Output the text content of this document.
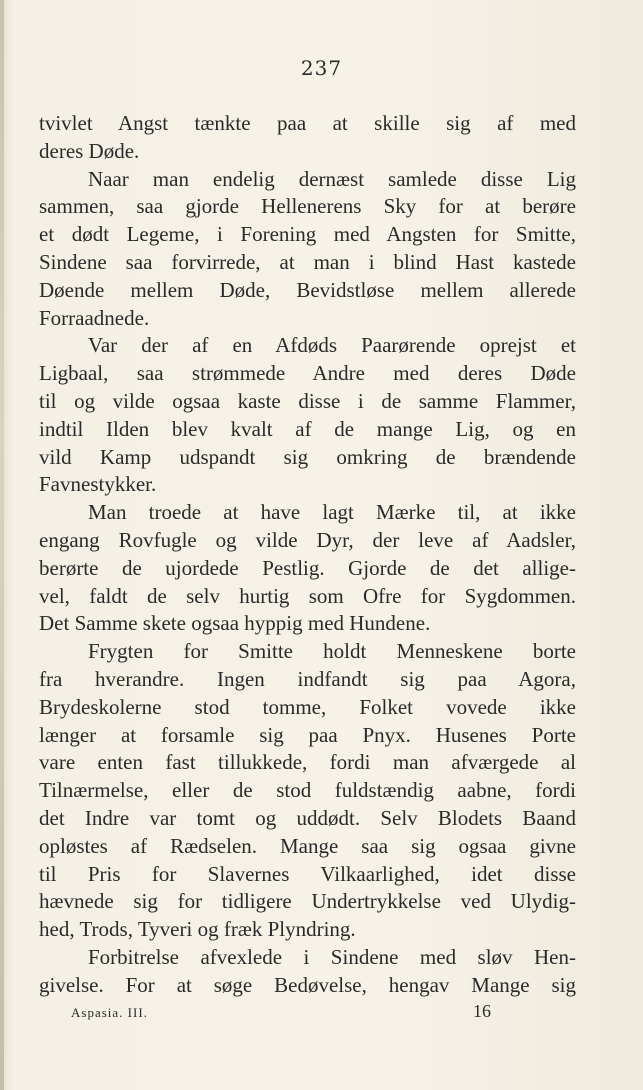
237
tvivlet Angst tænkte paa at skille sig af med
deres Døde.
Naar man endelig dernæst samlede disse Lig
sammen, saa gjorde Hellenerens Sky for at berøre
et dødt Legeme, i Forening med Angsten for Smitte,
Sindene saa forvirrede, at man i blind Hast kastede
Døende mellem Døde, Bevidstløse mellem allerede
Forraadnede.
Var der af en Afdøds Paarørende oprejst et
Ligbaal, saa strømmede Andre med deres Døde
til og vilde ogsaa kaste disse i de samme Flammer,
indtil Ilden blev kvalt af de mange Lig, og en
vild Kamp udspandt sig omkring de brændende
Favnestykker.
Man troede at have lagt Mærke til, at ikke
engang Rovfugle og vilde Dyr, der leve af Aadsler,
berørte de ujordede Pestlig. Gjorde de det allige-
vel, faldt de selv hurtig som Ofre for Sygdommen.
Det Samme skete ogsaa hyppig med Hundene.
Frygten for Smitte holdt Menneskene borte
fra hverandre. Ingen indfandt sig paa Agora,
Brydeskolerne stod tomme, Folket vovede ikke
længer at forsamle sig paa Pnyx. Husenes Porte
vare enten fast tillukkede, fordi man afværgede al
Tilnærmelse, eller de stod fuldstændig aabne, fordi
det Indre var tomt og uddødt. Selv Blodets Baand
opløstes af Rædselen. Mange saa sig ogsaa givne
til Pris for Slavernes Vilkaarlighed, idet disse
hævnede sig for tidligere Undertrykkelse ved Ulydig-
hed, Trods, Tyveri og fræk Plyndring.
Forbitrelse afvexlede i Sindene med sløv Hen-
givelse. For at søge Bedøvelse, hengav Mange sig
Aspasia. III.	16
